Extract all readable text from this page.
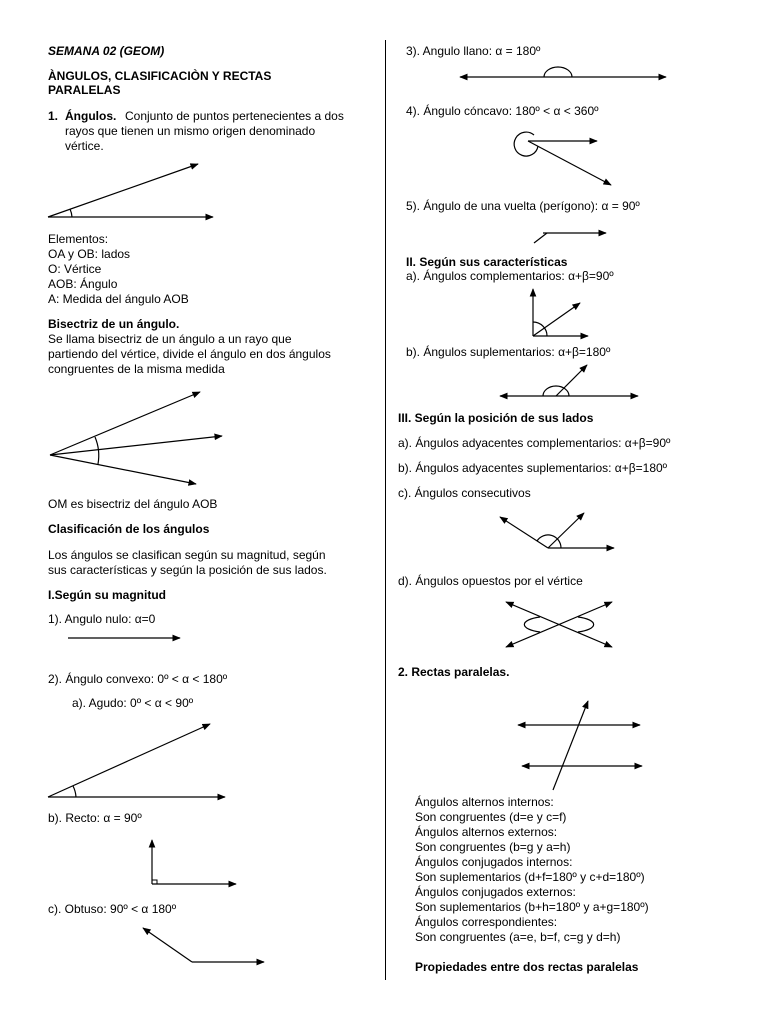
SEMANA 02 (GEOM)
ÀNGULOS, CLASIFICACIÒN Y RECTAS
PARALELAS
1. Ángulos. Conjunto de puntos pertenecientes a dos
rayos que tienen un mismo origen denominado
vértice.
Elementos:
OA y OB: lados
O: Vértice
AOB: Ángulo
A: Medida del ángulo AOB
Bisectriz de un ángulo.
Se llama bisectriz de un ángulo a un rayo que
partiendo del vértice, divide el ángulo en dos ángulos
congruentes de la misma medida
OM es bisectriz del ángulo AOB
Clasificación de los ángulos
Los ángulos se clasifican según su magnitud, según
sus características y según la posición de sus lados.
I.Según su magnitud
1). Angulo nulo: α=0
2). Ángulo convexo: 0º < α < 180º
a). Agudo: 0º < α < 90º
b). Recto: α = 90º
c). Obtuso: 90º < α 180º
3). Angulo llano: α = 180º
4). Ángulo cóncavo: 180º < α < 360º
5). Ángulo de una vuelta (perígono): α = 90º
II. Según sus características
a). Ángulos complementarios: α+β=90º
b). Ángulos suplementarios: α+β=180º
III. Según la posición de sus lados
a). Ángulos adyacentes complementarios: α+β=90º
b). Ángulos adyacentes suplementarios: α+β=180º
c). Ángulos consecutivos
d). Ángulos opuestos por el vértice
2. Rectas paralelas.
Ángulos alternos internos:
Son congruentes (d=e y c=f)
Ángulos alternos externos:
Son congruentes (b=g y a=h)
Ángulos conjugados internos:
Son suplementarios (d+f=180º y c+d=180º)
Ángulos conjugados externos:
Son suplementarios (b+h=180º y a+g=180º)
Ángulos correspondientes:
Son congruentes (a=e, b=f, c=g y d=h)
Propiedades entre dos rectas paralelas
